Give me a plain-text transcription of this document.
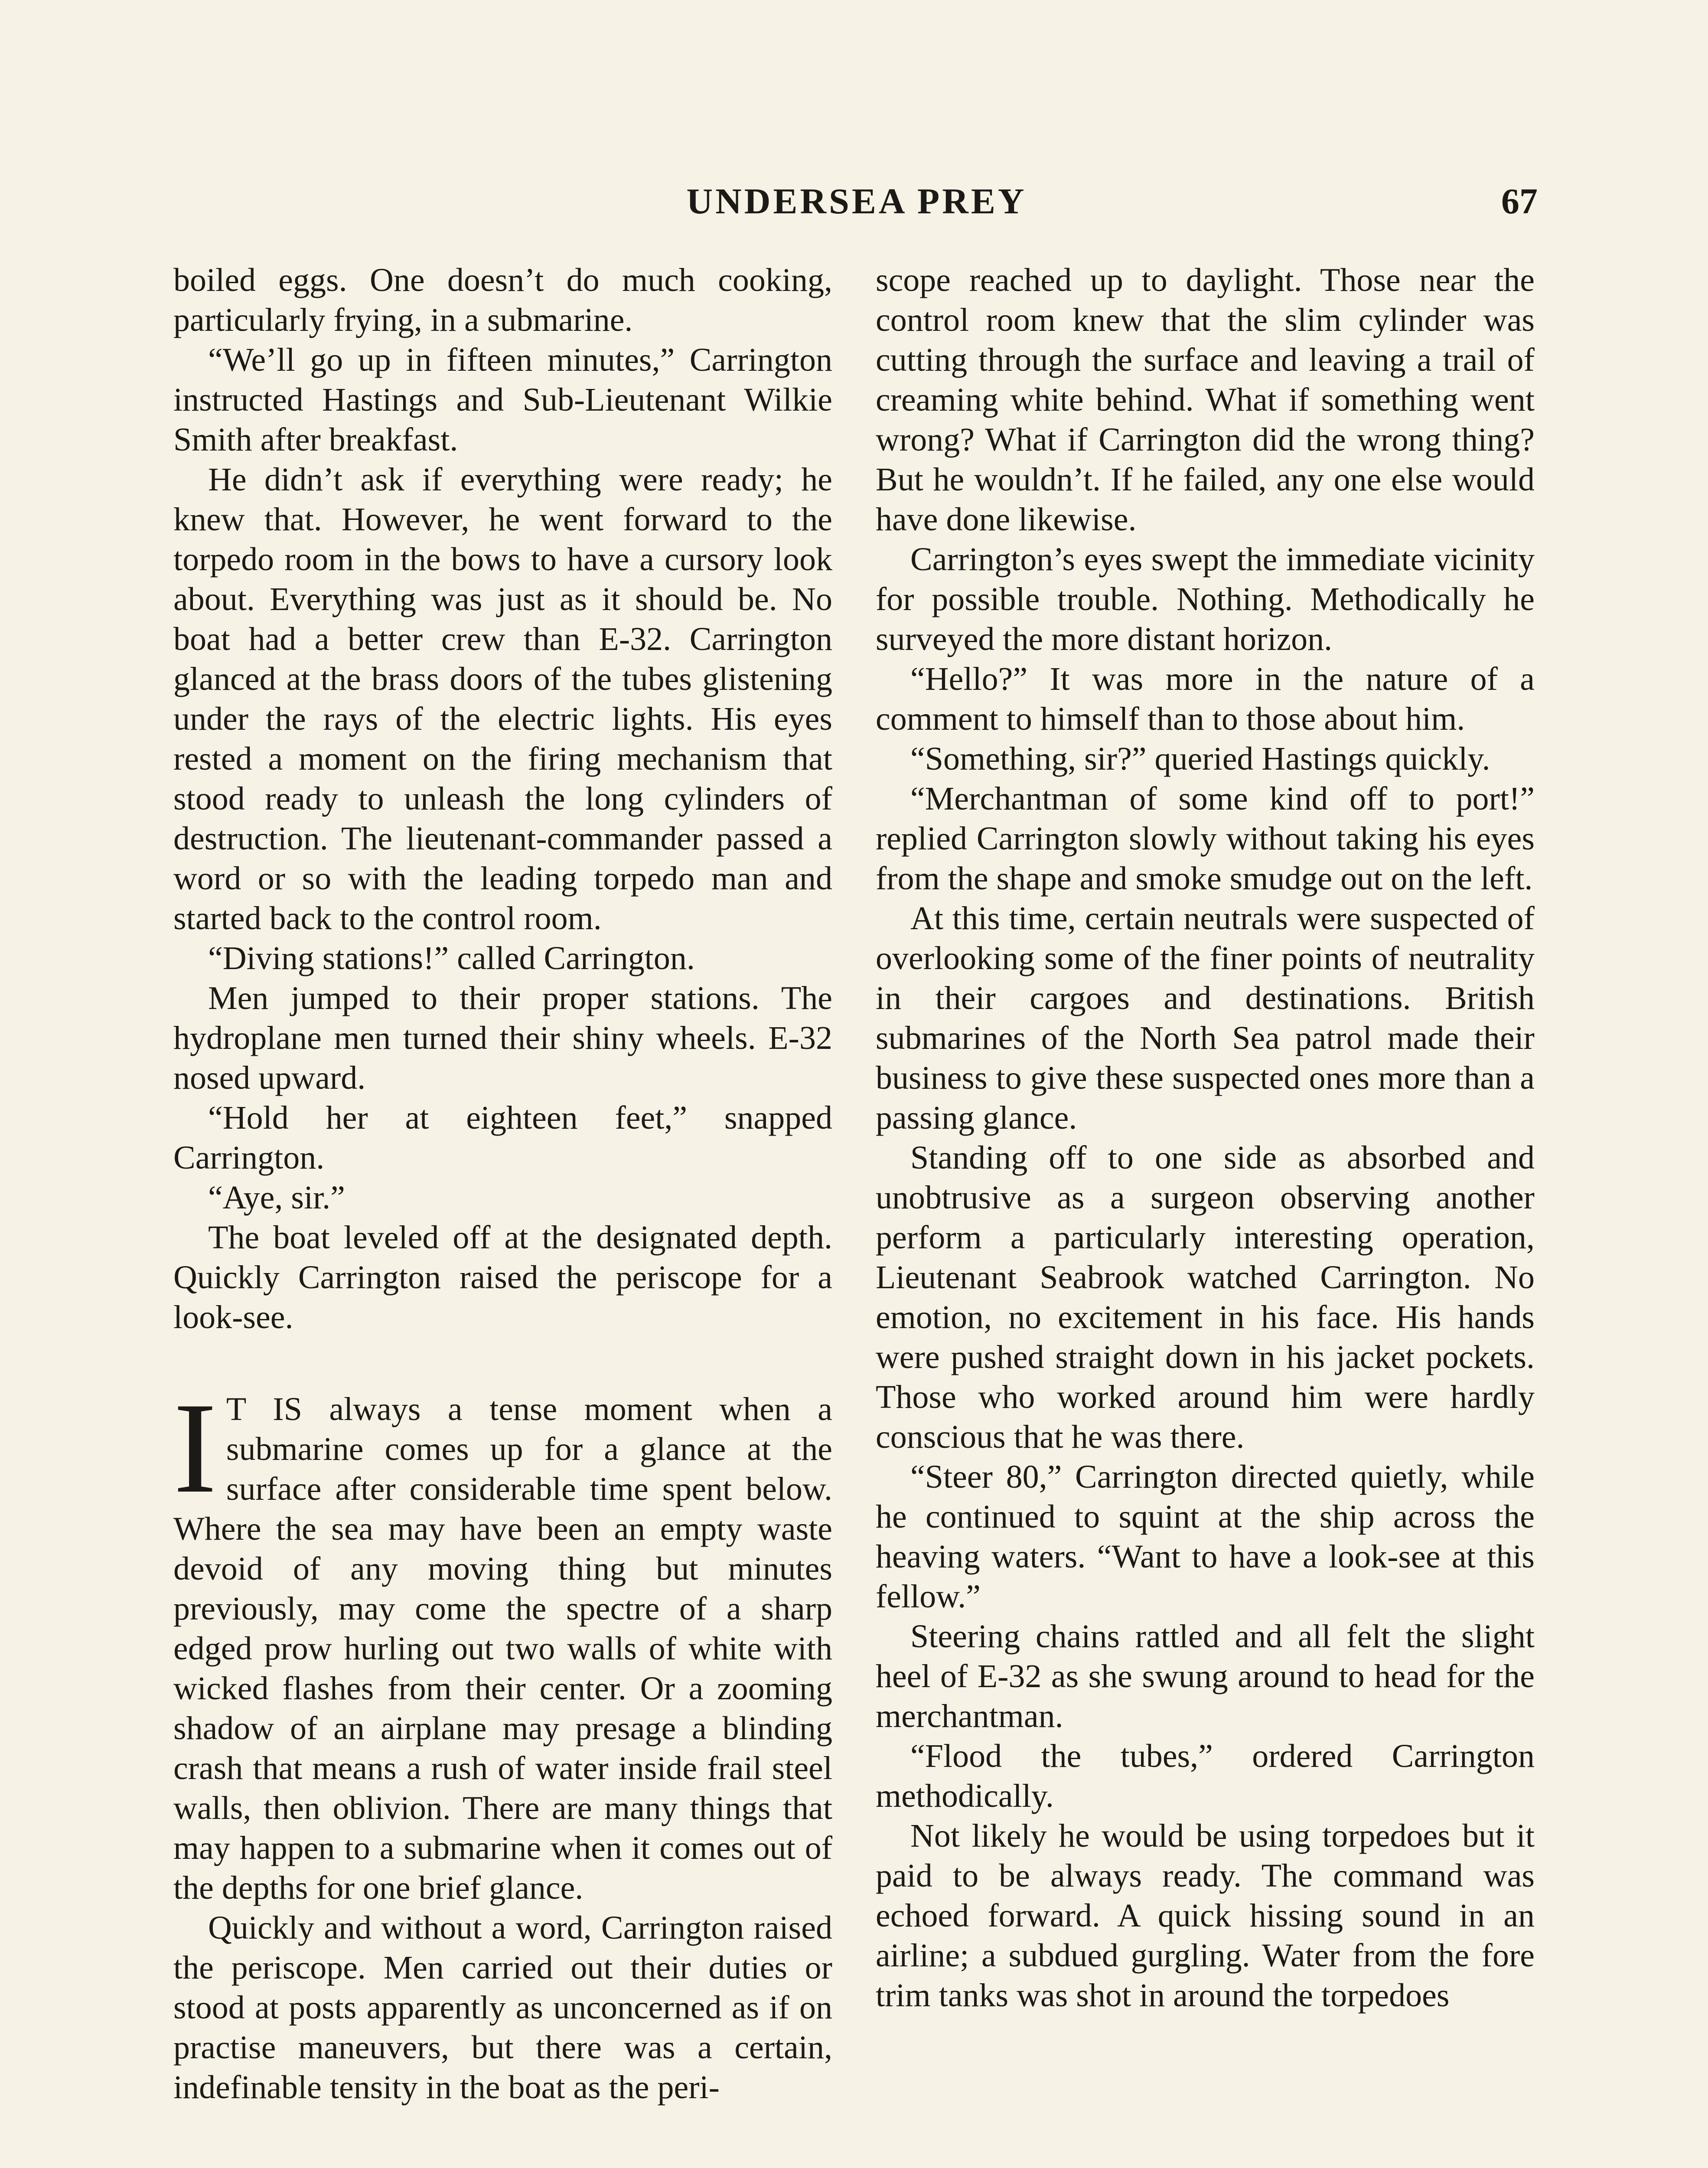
UNDERSEA PREY	67

boiled eggs. One doesn’t do much cooking, particularly frying, in a submarine.

“We’ll go up in fifteen minutes,” Carrington instructed Hastings and Sub-Lieutenant Wilkie Smith after breakfast.

He didn’t ask if everything were ready; he knew that. However, he went forward to the torpedo room in the bows to have a cursory look about. Everything was just as it should be. No boat had a better crew than E-32. Carrington glanced at the brass doors of the tubes glistening under the rays of the electric lights. His eyes rested a moment on the firing mechanism that stood ready to unleash the long cylinders of destruction. The lieutenant-commander passed a word or so with the leading torpedo man and started back to the control room.

“Diving stations!” called Carrington.

Men jumped to their proper stations. The hydroplane men turned their shiny wheels. E-32 nosed upward.

“Hold her at eighteen feet,” snapped Carrington.

“Aye, sir.”

The boat leveled off at the designated depth. Quickly Carrington raised the periscope for a look-see.

I T IS always a tense moment when a submarine comes up for a glance at the surface after considerable time spent below. Where the sea may have been an empty waste devoid of any moving thing but minutes previously, may come the spectre of a sharp edged prow hurling out two walls of white with wicked flashes from their center. Or a zooming shadow of an airplane may presage a blinding crash that means a rush of water inside frail steel walls, then oblivion. There are many things that may happen to a submarine when it comes out of the depths for one brief glance.

Quickly and without a word, Carrington raised the periscope. Men carried out their duties or stood at posts apparently as unconcerned as if on practise maneuvers, but there was a certain, indefinable tensity in the boat as the peri-

scope reached up to daylight. Those near the control room knew that the slim cylinder was cutting through the surface and leaving a trail of creaming white behind. What if something went wrong? What if Carrington did the wrong thing? But he wouldn’t. If he failed, any one else would have done likewise.

Carrington’s eyes swept the immediate vicinity for possible trouble. Nothing. Methodically he surveyed the more distant horizon.

“Hello?” It was more in the nature of a comment to himself than to those about him.

“Something, sir?” queried Hastings quickly.

“Merchantman of some kind off to port!” replied Carrington slowly without taking his eyes from the shape and smoke smudge out on the left.

At this time, certain neutrals were suspected of overlooking some of the finer points of neutrality in their cargoes and destinations. British submarines of the North Sea patrol made their business to give these suspected ones more than a passing glance.

Standing off to one side as absorbed and unobtrusive as a surgeon observing another perform a particularly interesting operation, Lieutenant Seabrook watched Carrington. No emotion, no excitement in his face. His hands were pushed straight down in his jacket pockets. Those who worked around him were hardly conscious that he was there.

“Steer 80,” Carrington directed quietly, while he continued to squint at the ship across the heaving waters. “Want to have a look-see at this fellow.”

Steering chains rattled and all felt the slight heel of E-32 as she swung around to head for the merchantman.

“Flood the tubes,” ordered Carrington methodically.

Not likely he would be using torpedoes but it paid to be always ready. The command was echoed forward. A quick hissing sound in an airline; a subdued gurgling. Water from the fore trim tanks was shot in around the torpedoes
